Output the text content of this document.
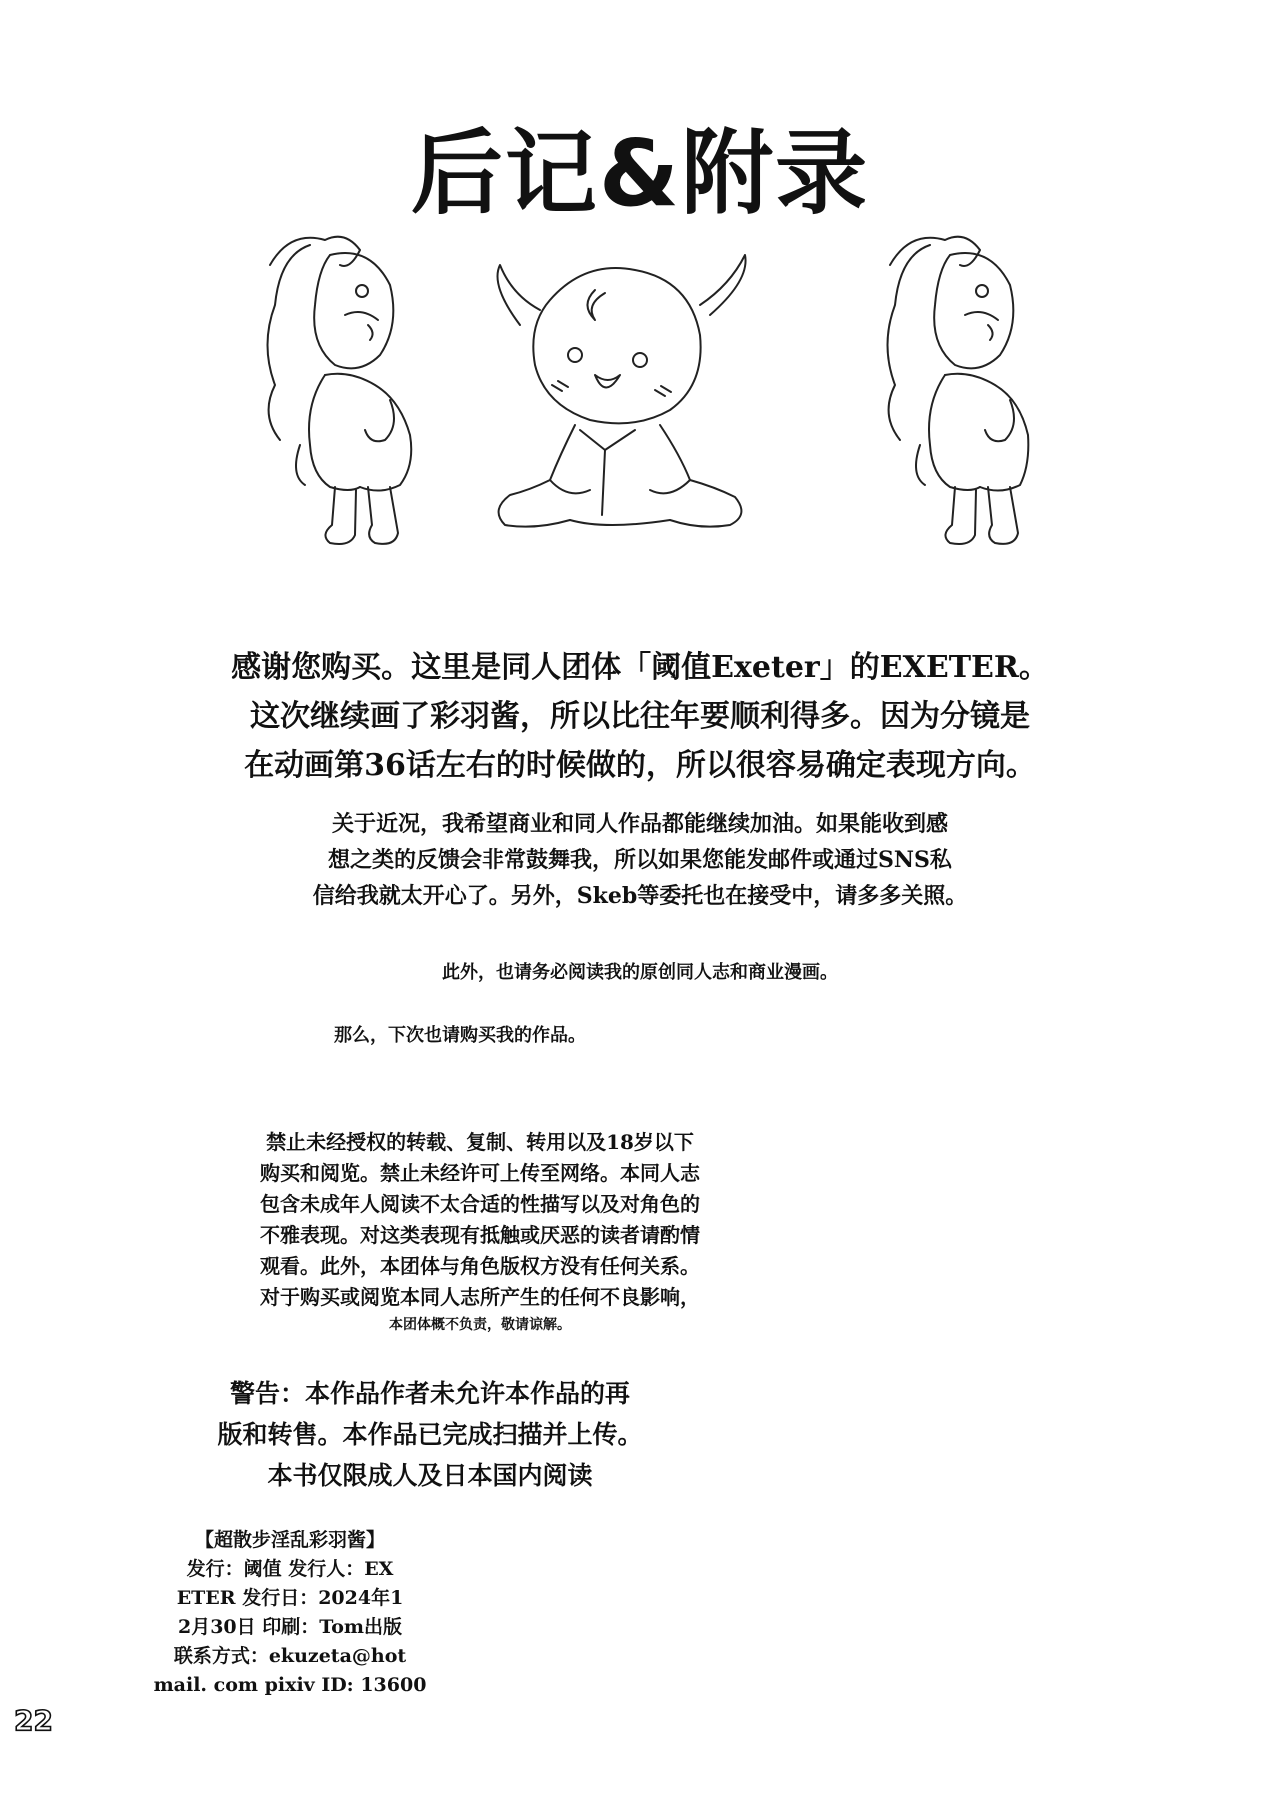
后记&附录
感谢您购买。这里是同人团体「阈值Exeter」的EXETER。
这次继续画了彩羽酱，所以比往年要顺利得多。因为分镜是
在动画第36话左右的时候做的，所以很容易确定表现方向。
关于近况，我希望商业和同人作品都能继续加油。如果能收到感
想之类的反馈会非常鼓舞我，所以如果您能发邮件或通过SNS私
信给我就太开心了。另外，Skeb等委托也在接受中，请多多关照。
此外，也请务必阅读我的原创同人志和商业漫画。
那么，下次也请购买我的作品。
禁止未经授权的转载、复制、转用以及18岁以下
购买和阅览。禁止未经许可上传至网络。本同人志
包含未成年人阅读不太合适的性描写以及对角色的
不雅表现。对这类表现有抵触或厌恶的读者请酌情
观看。此外，本团体与角色版权方没有任何关系。
对于购买或阅览本同人志所产生的任何不良影响，
本团体概不负责，敬请谅解。
警告：本作品作者未允许本作品的再
版和转售。本作品已完成扫描并上传。
本书仅限成人及日本国内阅读
【超散步淫乱彩羽酱】
发行：阈值 发行人：EX
ETER 发行日：2024年1
2月30日 印刷：Tom出版
联系方式：ekuzeta@hot
mail. com pixiv ID: 13600
22
